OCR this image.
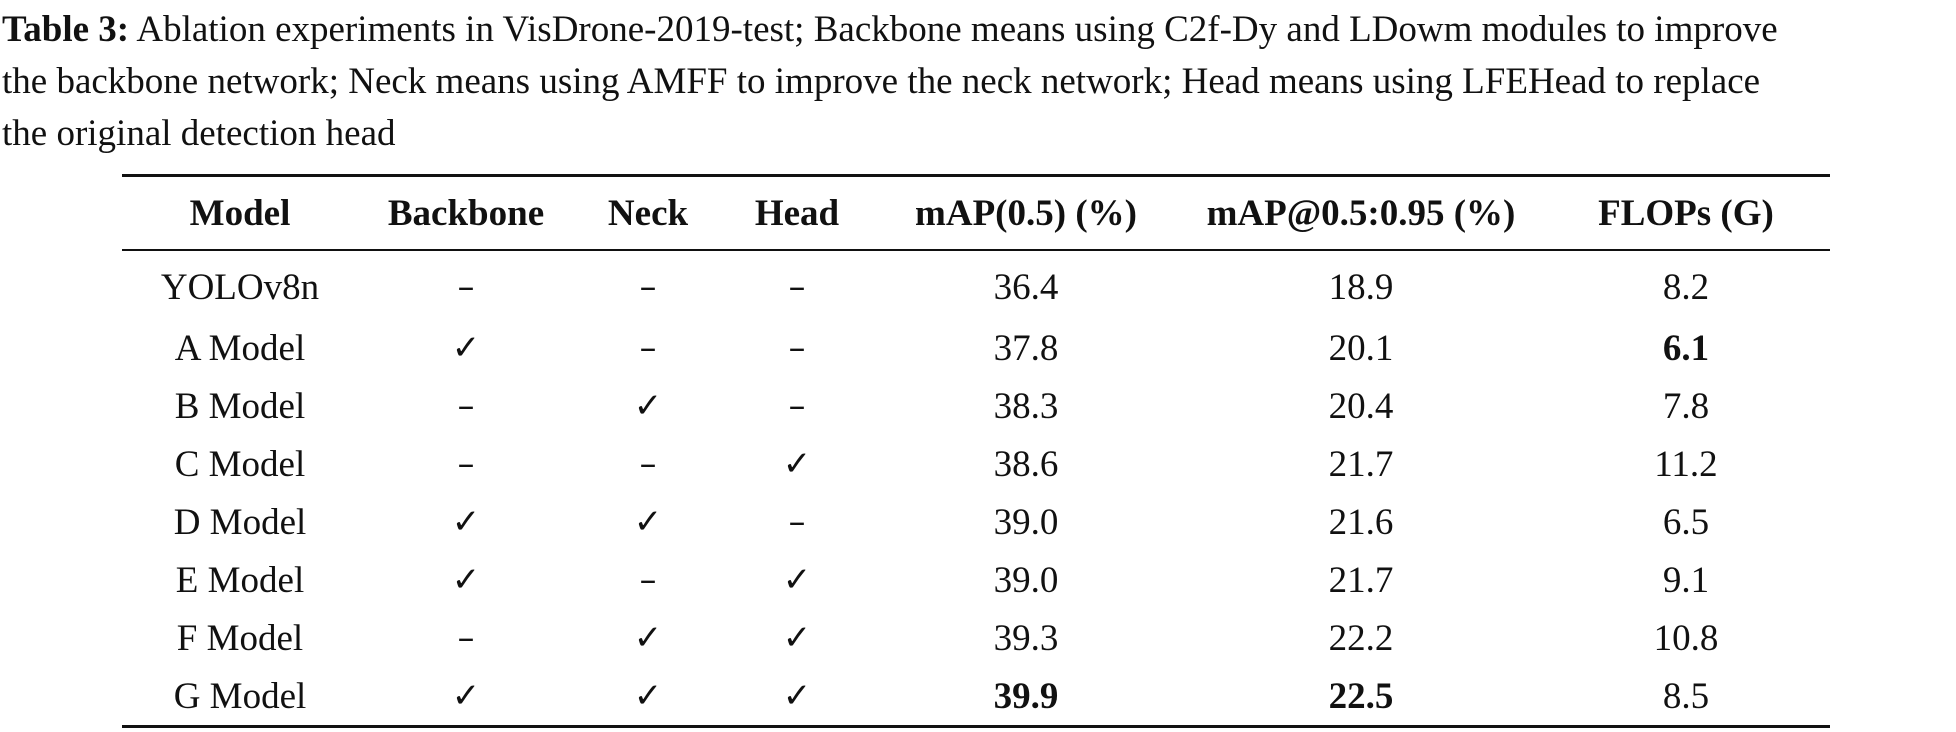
Table 3: Ablation experiments in VisDrone-2019-test; Backbone means using C2f-Dy and LDowm modules to improve
the backbone network; Neck means using AMFF to improve the neck network; Head means using LFEHead to replace
the original detection head
Model	Backbone	Neck	Head	mAP(0.5) (%)	mAP@0.5:0.95 (%)	FLOPs (G)
YOLOv8n	–	–	–	36.4	18.9	8.2
A Model	✓	–	–	37.8	20.1	6.1
B Model	–	✓	–	38.3	20.4	7.8
C Model	–	–	✓	38.6	21.7	11.2
D Model	✓	✓	–	39.0	21.6	6.5
E Model	✓	–	✓	39.0	21.7	9.1
F Model	–	✓	✓	39.3	22.2	10.8
G Model	✓	✓	✓	39.9	22.5	8.5
